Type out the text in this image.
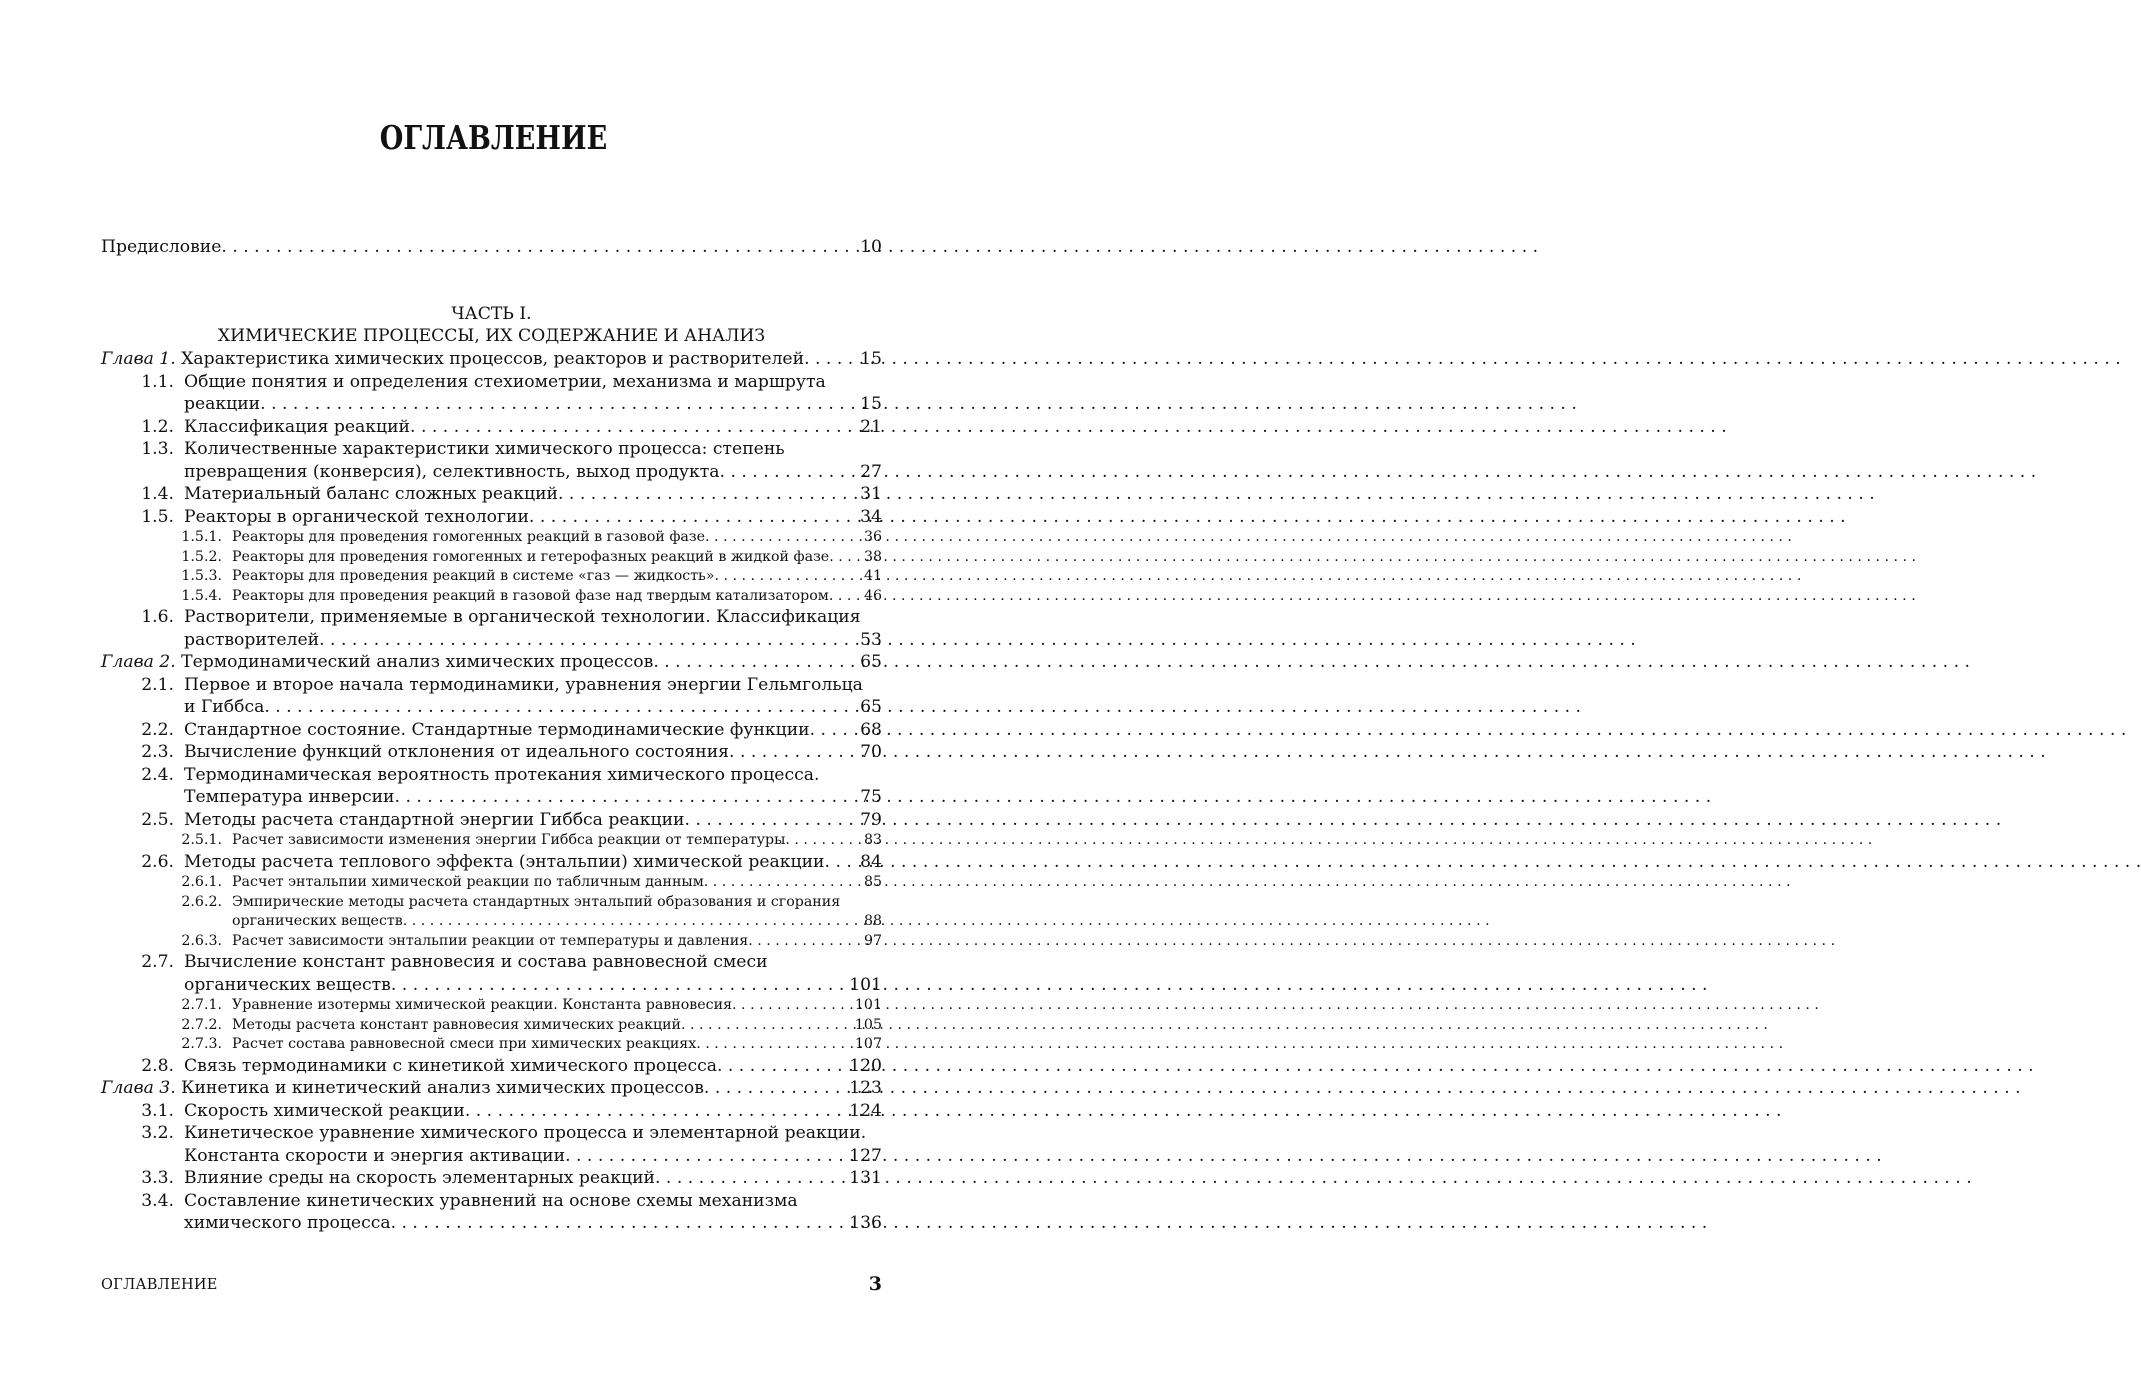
ОГЛАВЛЕНИЕ
Предисловие . . .	10
ЧАСТЬ I.
ХИМИЧЕСКИЕ ПРОЦЕССЫ, ИХ СОДЕРЖАНИЕ И АНАЛИЗ
Глава 1. Характеристика химических процессов, реакторов и растворителей . . .	15
1.1. Общие понятия и определения стехиометрии, механизма и маршрута
реакции . . .	15
1.2. Классификация реакций . . .	21
1.3. Количественные характеристики химического процесса: степень
превращения (конверсия), селективность, выход продукта . . .	27
1.4. Материальный баланс сложных реакций . . .	31
1.5. Реакторы в органической технологии . . .	34
1.5.1. Реакторы для проведения гомогенных реакций в газовой фазе . . .	36
1.5.2. Реакторы для проведения гомогенных и гетерофазных реакций в жидкой фазе . . . 38
1.5.3. Реакторы для проведения реакций в системе «газ — жидкость» . . .	41
1.5.4. Реакторы для проведения реакций в газовой фазе над твердым катализатором . . . 46
1.6. Растворители, применяемые в органической технологии. Классификация
растворителей . . .	53
Глава 2. Термодинамический анализ химических процессов . . .	65
2.1. Первое и второе начала термодинамики, уравнения энергии Гельмгольца
и Гиббса . . .	65
2.2. Стандартное состояние. Стандартные термодинамические функции . . .	68
2.3. Вычисление функций отклонения от идеального состояния . . .	70
2.4. Термодинамическая вероятность протекания химического процесса.
Температура инверсии . . .	75
2.5. Методы расчета стандартной энергии Гиббса реакции . . .	79
2.5.1. Расчет зависимости изменения энергии Гиббса реакции от температуры . . .	83
2.6. Методы расчета теплового эффекта (энтальпии) химической реакции . . . 84
2.6.1. Расчет энтальпии химической реакции по табличным данным . . .	85
2.6.2. Эмпирические методы расчета стандартных энтальпий образования и сгорания
органических веществ . . .	88
2.6.3. Расчет зависимости энтальпии реакции от температуры и давления . . .	97
2.7. Вычисление констант равновесия и состава равновесной смеси
органических веществ . . .	101
2.7.1. Уравнение изотермы химической реакции. Константа равновесия . . .	101
2.7.2. Методы расчета констант равновесия химических реакций . . .	105
2.7.3. Расчет состава равновесной смеси при химических реакциях . . .	107
2.8. Связь термодинамики с кинетикой химического процесса . . .	120
Глава 3. Кинетика и кинетический анализ химических процессов . . .	123
3.1. Скорость химической реакции . . .	124
3.2. Кинетическое уравнение химического процесса и элементарной реакции.
Константа скорости и энергия активации . . .	127
3.3. Влияние среды на скорость элементарных реакций . . .	131
3.4. Составление кинетических уравнений на основе схемы механизма
химического процесса . . .	136
ОГЛАВЛЕНИЕ	3
